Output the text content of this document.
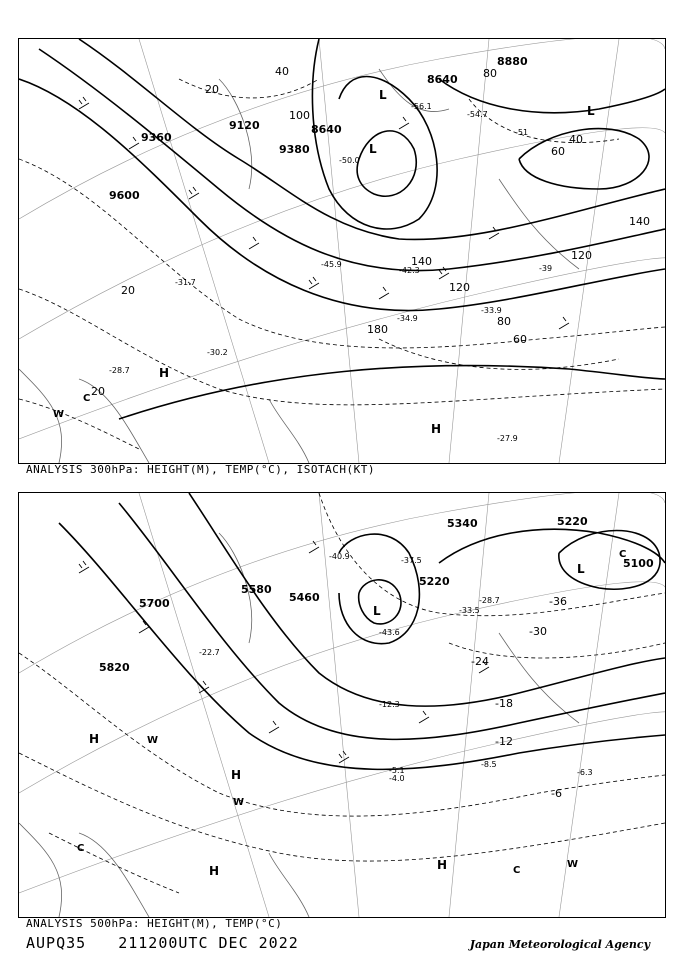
8640
8640
8880
9120
9360
9380
9600
20
20
20
40
40
60
60
80
80
100
120
120
140
140
180
-27.9
-28.7
-30.2
-31.7
-33.9
-34.9
-39
-42.3
-45.9
-50.0
-51
-54.7
-56.1
L
L
L
H
H
C
W
ANALYSIS 300hPa: HEIGHT(M), TEMP(°C), ISOTACH(KT)
5100
5220
5220
5340
5460
5580
5700
5820
-6
-12
-18
-24
-30
-36
-4.0
-5.1	-6.3
-8.5
-12.3
-22.7
-28.7
-33.5
-37.5
-40.9
-43.6
L
L
H
H	H
H
C
C
C
W
W
W
ANALYSIS 500hPa: HEIGHT(M), TEMP(°C)
AUPQ35 211200UTC DEC 2022	Japan Meteorological Agency
